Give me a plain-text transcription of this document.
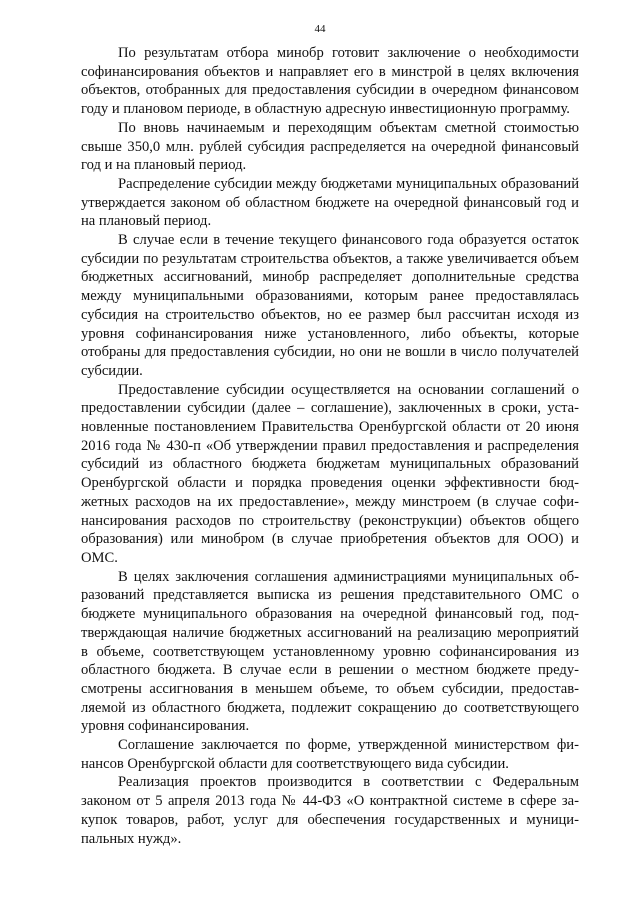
44

По результатам отбора минобр готовит заключение о необходимости софинансирования объектов и направляет его в минстрой в целях включения объектов, отобранных для предоставления субсидии в очередном финансовом году и плановом периоде, в областную адресную инвестиционную программу.

По вновь начинаемым и переходящим объектам сметной стоимостью свыше 350,0 млн. рублей субсидия распределяется на очередной финансовый год и на плановый период.

Распределение субсидии между бюджетами муниципальных образований утверждается законом об областном бюджете на очередной финансовый год и на плановый период.

В случае если в течение текущего финансового года образуется остаток субсидии по результатам строительства объектов, а также увеличивается объем бюджетных ассигнований, минобр распределяет дополнительные средства между муниципальными образованиями, которым ранее предоставлялась субсидия на строительство объектов, но ее размер был рассчитан исходя из уровня софинансирования ниже установленного, либо объекты, которые отобраны для предоставления субсидии, но они не вошли в число получателей субсидии.

Предоставление субсидии осуществляется на основании соглашений о предоставлении субсидии (далее – соглашение), заключенных в сроки, установленные постановлением Правительства Оренбургской области от 20 июня 2016 года № 430-п «Об утверждении правил предоставления и распределения субсидий из областного бюджета бюджетам муниципальных образований Оренбургской области и порядка проведения оценки эффективности бюджетных расходов на их предоставление», между минстроем (в случае софинансирования расходов по строительству (реконструкции) объектов общего образования) или минобром (в случае приобретения объектов для ООО) и ОМС.

В целях заключения соглашения администрациями муниципальных образований представляется выписка из решения представительного ОМС о бюджете муниципального образования на очередной финансовый год, подтверждающая наличие бюджетных ассигнований на реализацию мероприятий в объеме, соответствующем установленному уровню софинансирования из областного бюджета. В случае если в решении о местном бюджете предусмотрены ассигнования в меньшем объеме, то объем субсидии, предоставляемой из областного бюджета, подлежит сокращению до соответствующего уровня софинансирования.

Соглашение заключается по форме, утвержденной министерством финансов Оренбургской области для соответствующего вида субсидии.

Реализация проектов производится в соответствии с Федеральным законом от 5 апреля 2013 года № 44-ФЗ «О контрактной системе в сфере закупок товаров, работ, услуг для обеспечения государственных и муниципальных нужд».
